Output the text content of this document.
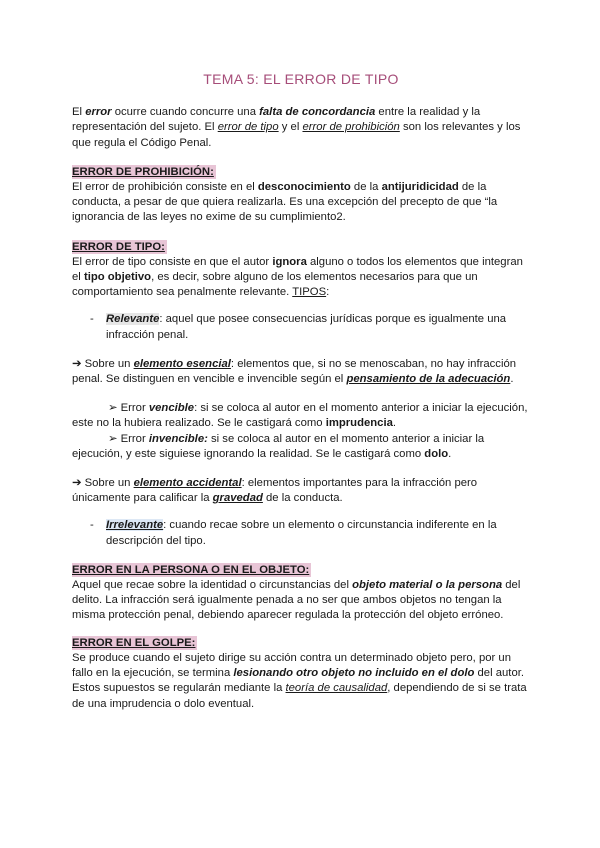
TEMA 5: EL ERROR DE TIPO

El error ocurre cuando concurre una falta de concordancia entre la realidad y la representación del sujeto. El error de tipo y el error de prohibición son los relevantes y los que regula el Código Penal.

ERROR DE PROHIBICIÓN:

El error de prohibición consiste en el desconocimiento de la antijuridicidad de la conducta, a pesar de que quiera realizarla. Es una excepción del precepto de que “la ignorancia de las leyes no exime de su cumplimiento2.

ERROR DE TIPO:

El error de tipo consiste en que el autor ignora alguno o todos los elementos que integran el tipo objetivo, es decir, sobre alguno de los elementos necesarios para que un comportamiento sea penalmente relevante. TIPOS:

- Relevante: aquel que posee consecuencias jurídicas porque es igualmente una infracción penal.

➔ Sobre un elemento esencial: elementos que, si no se menoscaban, no hay infracción penal. Se distinguen en vencible e invencible según el pensamiento de la adecuación.

➢ Error vencible: si se coloca al autor en el momento anterior a iniciar la ejecución, este no la hubiera realizado. Se le castigará como imprudencia.

➢ Error invencible: si se coloca al autor en el momento anterior a iniciar la ejecución, y este siguiese ignorando la realidad. Se le castigará como dolo.

➔ Sobre un elemento accidental: elementos importantes para la infracción pero únicamente para calificar la gravedad de la conducta.

- Irrelevante: cuando recae sobre un elemento o circunstancia indiferente en la descripción del tipo.
ERROR EN LA PERSONA O EN EL OBJETO:

Aquel que recae sobre la identidad o circunstancias del objeto material o la persona del delito. La infracción será igualmente penada a no ser que ambos objetos no tengan la misma protección penal, debiendo aparecer regulada la protección del objeto erróneo.

ERROR EN EL GOLPE:

Se produce cuando el sujeto dirige su acción contra un determinado objeto pero, por un fallo en la ejecución, se termina lesionando otro objeto no incluido en el dolo del autor. Estos supuestos se regularán mediante la teoría de causalidad, dependiendo de si se trata de una imprudencia o dolo eventual.
